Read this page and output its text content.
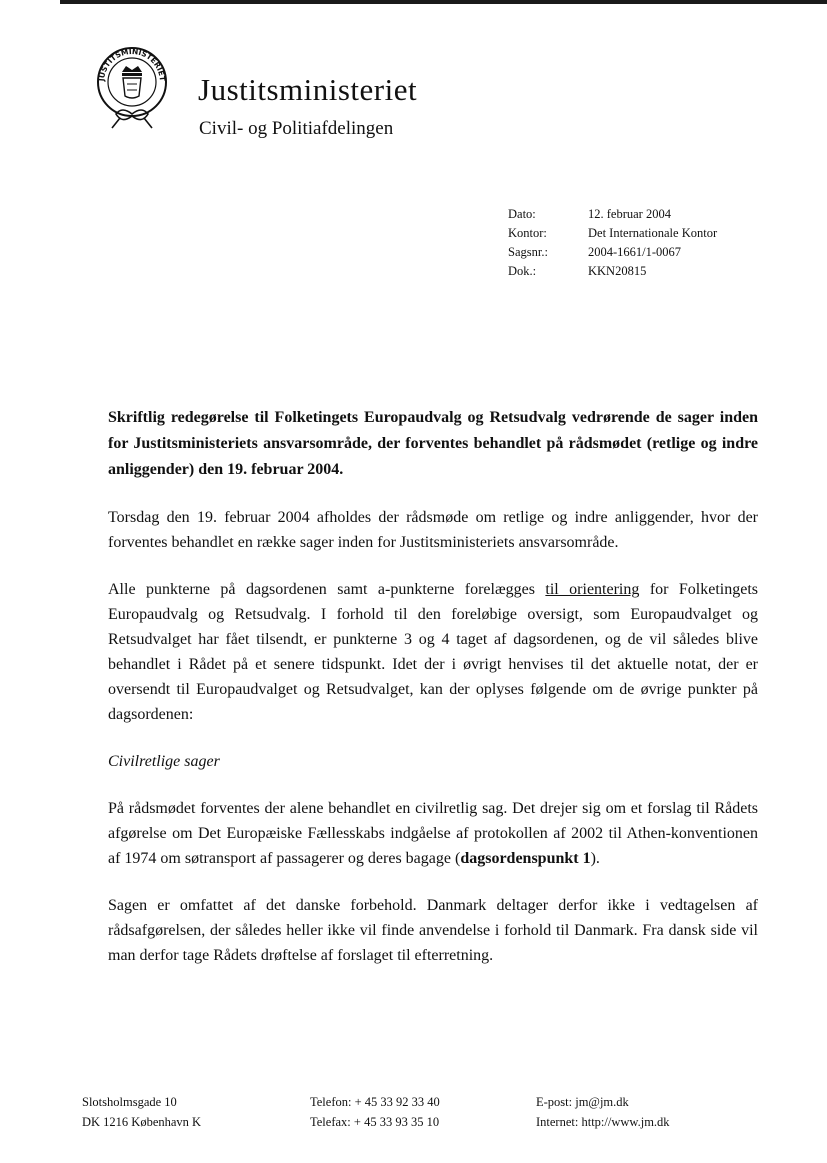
JUSTITSMINISTERIET Justitsministeriet
Civil- og Politiafdelingen
Dato:	12. februar 2004
Kontor:	Det Internationale Kontor
Sagsnr.:	2004-1661/1-0067
Dok.:	KKN20815
Skriftlig redegørelse til Folketingets Europaudvalg og Retsudvalg vedrørende de sager inden for Justitsministeriets ansvarsområde, der forventes behandlet på rådsmødet (retlige og indre anliggender) den 19. februar 2004.

Torsdag den 19. februar 2004 afholdes der rådsmøde om retlige og indre anliggender, hvor der forventes behandlet en række sager inden for Justitsministeriets ansvarsområde.

Alle punkterne på dagsordenen samt a-punkterne forelægges til orientering for Folketingets Europaudvalg og Retsudvalg. I forhold til den foreløbige oversigt, som Europaudvalget og Retsudvalget har fået tilsendt, er punkterne 3 og 4 taget af dagsordenen, og de vil således blive behandlet i Rådet på et senere tidspunkt. Idet der i øvrigt henvises til det aktuelle notat, der er oversendt til Europaudvalget og Retsudvalget, kan der oplyses følgende om de øvrige punkter på dagsordenen:

Civilretlige sager

På rådsmødet forventes der alene behandlet en civilretlig sag. Det drejer sig om et forslag til Rådets afgørelse om Det Europæiske Fællesskabs indgåelse af protokollen af 2002 til Athen-konventionen af 1974 om søtransport af passagerer og deres bagage (dagsordenspunkt 1).

Sagen er omfattet af det danske forbehold. Danmark deltager derfor ikke i vedtagelsen af rådsafgørelsen, der således heller ikke vil finde anvendelse i forhold til Danmark. Fra dansk side vil man derfor tage Rådets drøftelse af forslaget til efterretning.

Slotsholmsgade 10
DK 1216 København K
Telefon: + 45 33 92 33 40
Telefax: + 45 33 93 35 10
E-post: jm@jm.dk
Internet: http://www.jm.dk
